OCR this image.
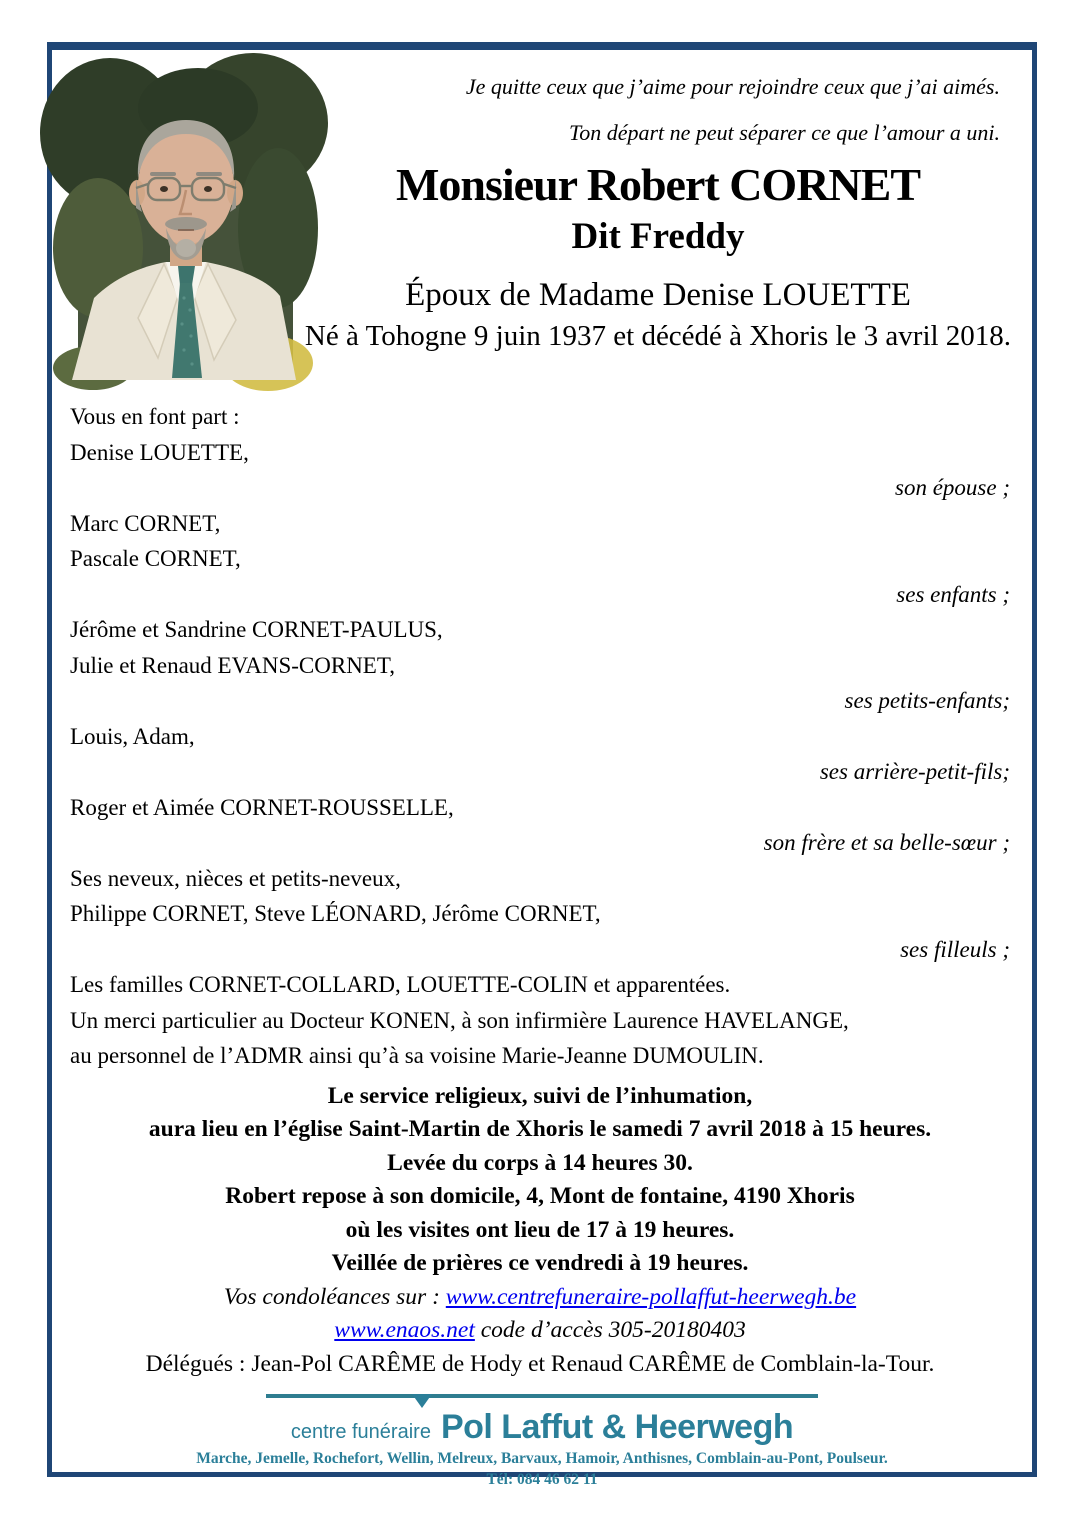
Je quitte ceux que j’aime pour rejoindre ceux que j’ai aimés.

Ton départ ne peut séparer ce que l’amour a uni.

Monsieur Robert CORNET
Dit Freddy

Époux de Madame Denise LOUETTE

Né à Tohogne 9 juin 1937 et décédé à Xhoris le 3 avril 2018.

Vous en font part :

Denise LOUETTE,

son épouse ;

Marc CORNET,

Pascale CORNET,

ses enfants ;

Jérôme et Sandrine CORNET-PAULUS,

Julie et Renaud EVANS-CORNET,

ses petits-enfants;

Louis, Adam,

ses arrière-petit-fils;

Roger et Aimée CORNET-ROUSSELLE,

son frère et sa belle-sœur ;

Ses neveux, nièces et petits-neveux,

Philippe CORNET, Steve LÉONARD, Jérôme CORNET,

ses filleuls ;

Les familles CORNET-COLLARD, LOUETTE-COLIN et apparentées.

Un merci particulier au Docteur KONEN, à son infirmière Laurence HAVELANGE,

au personnel de l’ADMR ainsi qu’à sa voisine Marie-Jeanne DUMOULIN.

Le service religieux, suivi de l’inhumation,

aura lieu en l’église Saint-Martin de Xhoris le samedi 7 avril 2018 à 15 heures.

Levée du corps à 14 heures 30.

Robert repose à son domicile, 4, Mont de fontaine, 4190 Xhoris

où les visites ont lieu de 17 à 19 heures.

Veillée de prières ce vendredi à 19 heures.

Vos condoléances sur : www.centrefuneraire-pollaffut-heerwegh.be

www.enaos.net code d’accès 305-20180403

Délégués : Jean-Pol CARÊME de Hody et Renaud CARÊME de Comblain-la-Tour.

centre funéraire Pol Laffut & Heerwegh

Marche, Jemelle, Rochefort, Wellin, Melreux, Barvaux, Hamoir, Anthisnes, Comblain-au-Pont, Poulseur.

Tél: 084 46 62 11
